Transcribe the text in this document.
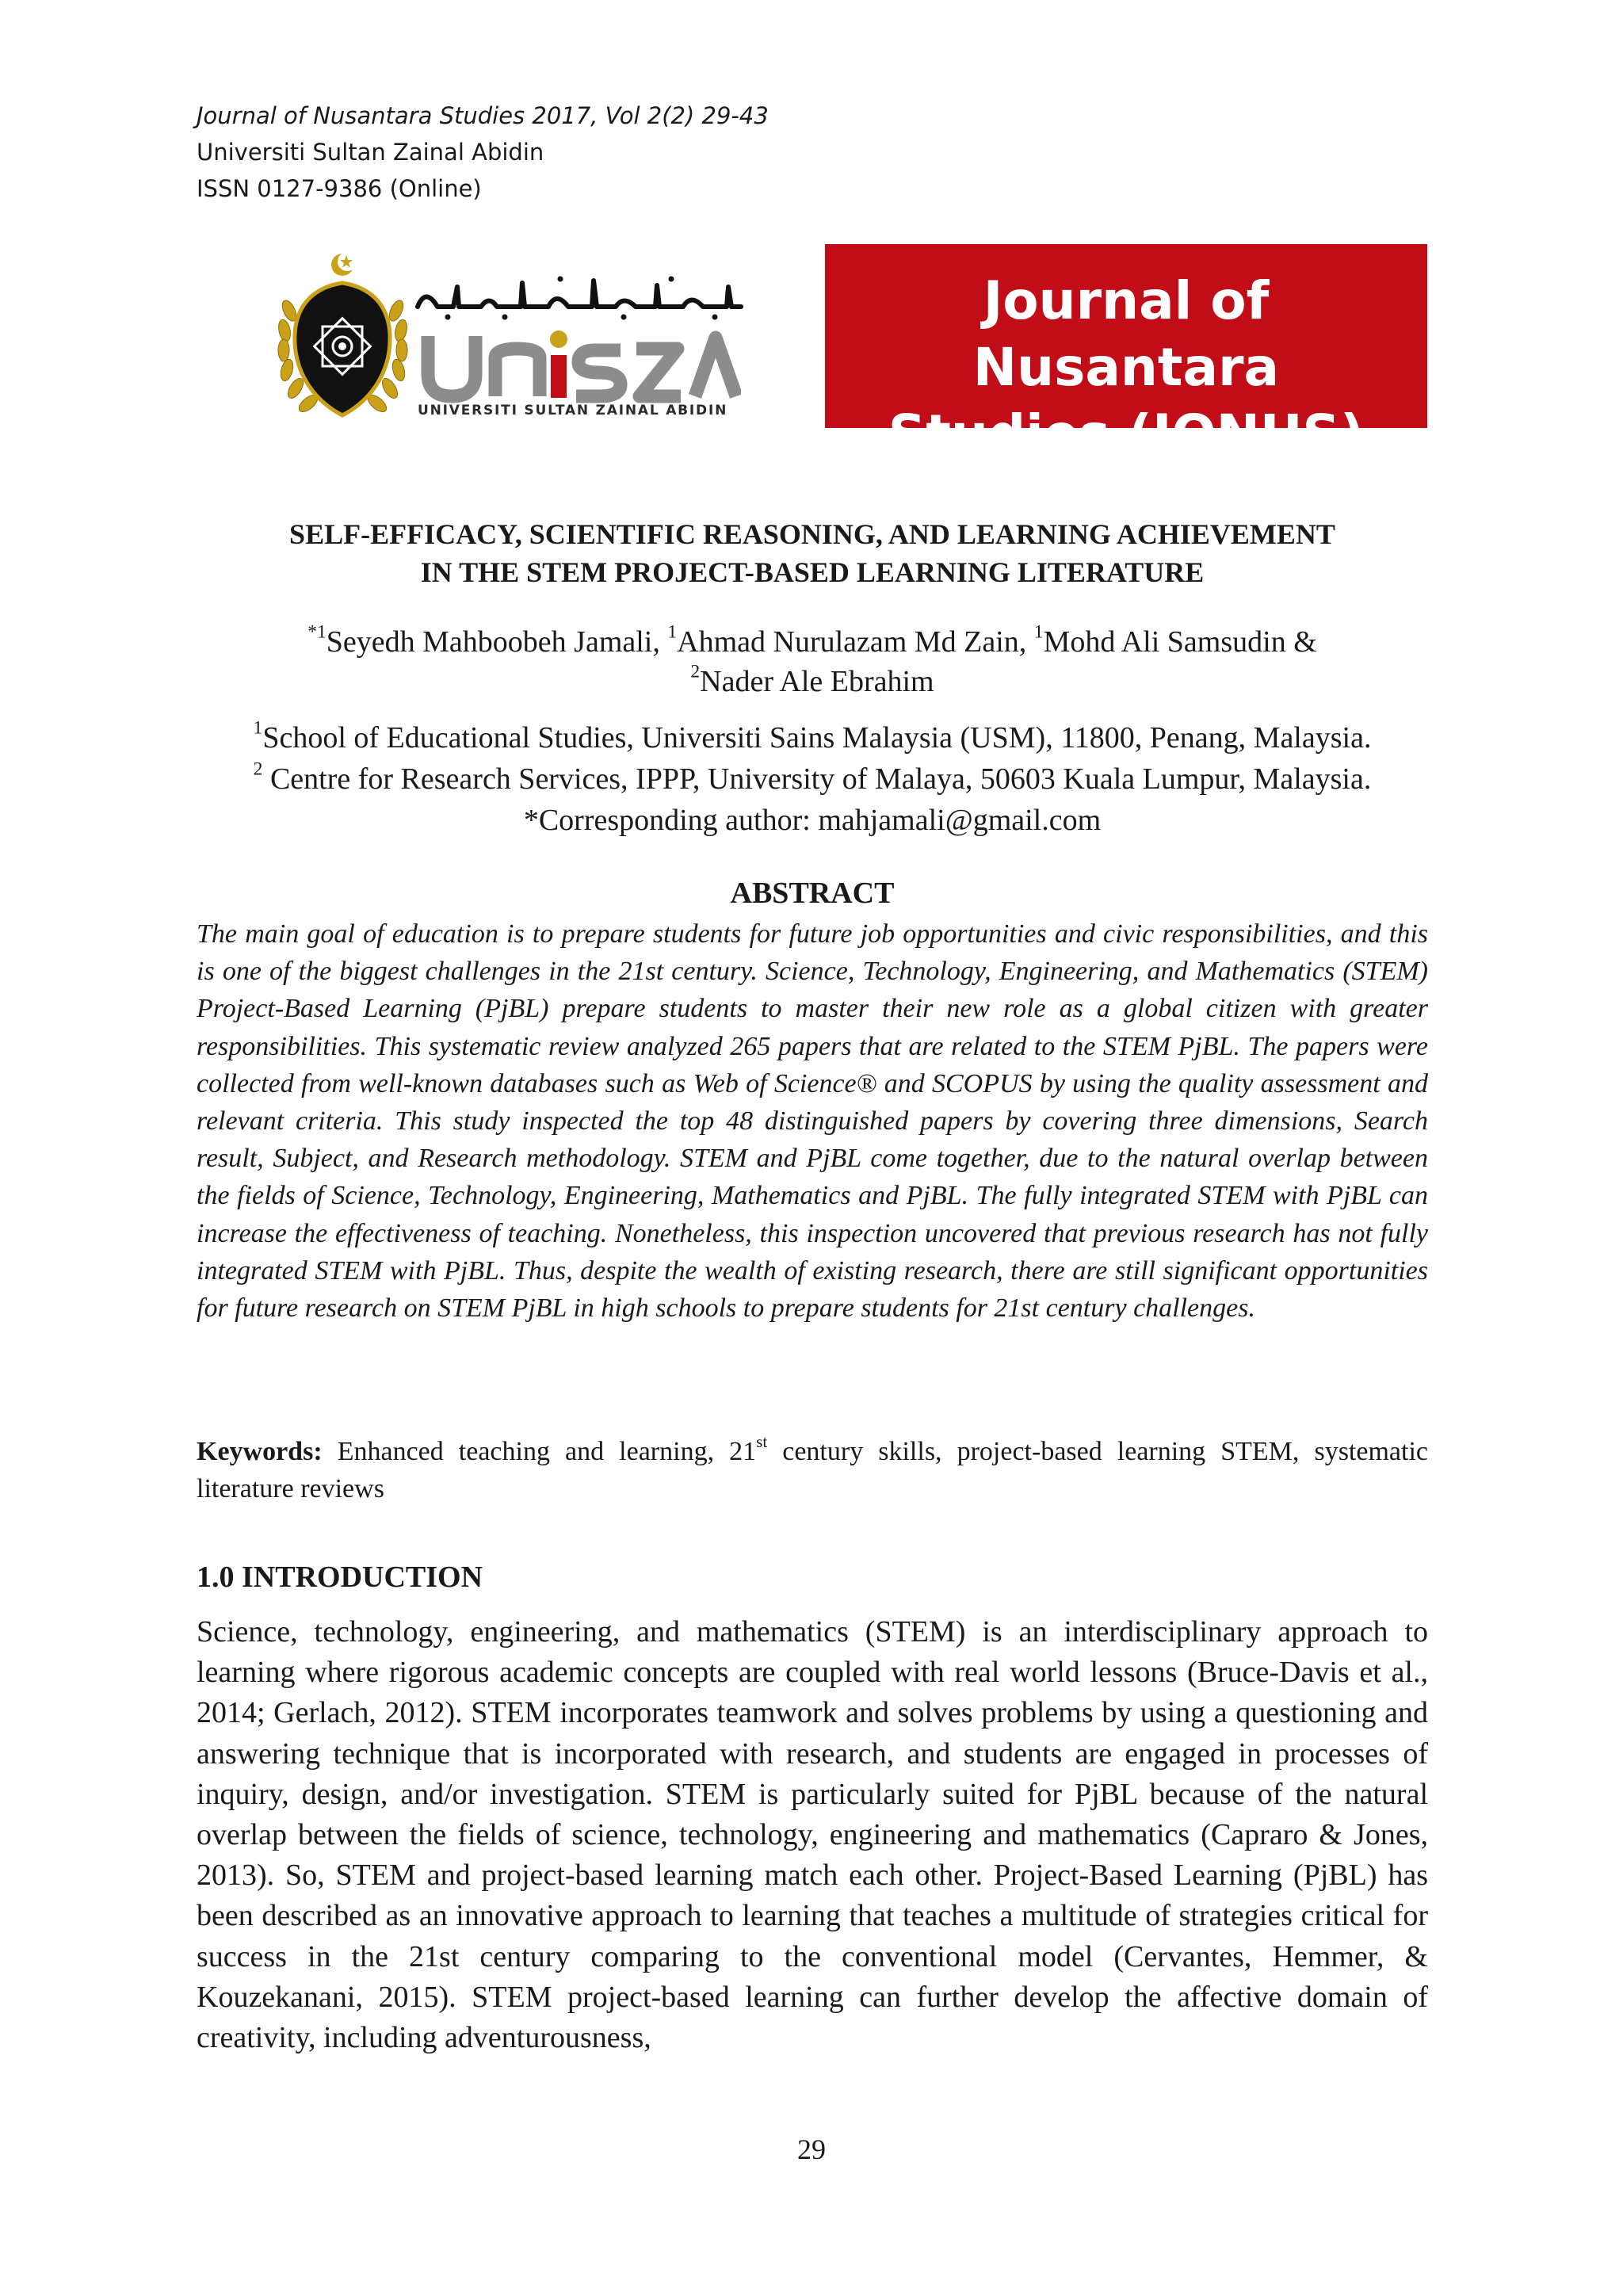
Journal of Nusantara Studies 2017, Vol 2(2) 29-43
Universiti Sultan Zainal Abidin
ISSN 0127-9386 (Online)
UNIVERSITI SULTAN ZAINAL ABIDIN
Journal of Nusantara
Studies (JONUS)
SELF-EFFICACY, SCIENTIFIC REASONING, AND LEARNING ACHIEVEMENT
IN THE STEM PROJECT-BASED LEARNING LITERATURE
$^{*1}$Seyedh Mahboobeh Jamali, $^1$Ahmad Nurulazam Md Zain, $^1$Mohd Ali Samsudin &
$^2$Nader Ale Ebrahim
$^1$School of Educational Studies, Universiti Sains Malaysia (USM), 11800, Penang, Malaysia.
$^2$ Centre for Research Services, IPPP, University of Malaya, 50603 Kuala Lumpur, Malaysia.
*Corresponding author: mahjamali@gmail.com
ABSTRACT
The main goal of education is to prepare students for future job opportunities and civic responsibilities, and this is one of the biggest challenges in the 21st century. Science, Technology, Engineering, and Mathematics (STEM) Project-Based Learning (PjBL) prepare students to master their new role as a global citizen with greater responsibilities. This systematic review analyzed 265 papers that are related to the STEM PjBL. The papers were collected from well-known databases such as Web of Science® and SCOPUS by using the quality assessment and relevant criteria. This study inspected the top 48 distinguished papers by covering three dimensions, Search result, Subject, and Research methodology. STEM and PjBL come together, due to the natural overlap between the fields of Science, Technology, Engineering, Mathematics and PjBL. The fully integrated STEM with PjBL can increase the effectiveness of teaching. Nonetheless, this inspection uncovered that previous research has not fully integrated STEM with PjBL. Thus, despite the wealth of existing research, there are still significant opportunities for future research on STEM PjBL in high schools to prepare students for 21st century challenges.
Keywords: Enhanced teaching and learning, 21st century skills, project-based learning STEM, systematic literature reviews
1.0 INTRODUCTION
Science, technology, engineering, and mathematics (STEM) is an interdisciplinary approach to learning where rigorous academic concepts are coupled with real world lessons (Bruce-Davis et al., 2014; Gerlach, 2012). STEM incorporates teamwork and solves problems by using a questioning and answering technique that is incorporated with research, and students are engaged in processes of inquiry, design, and/or investigation. STEM is particularly suited for PjBL because of the natural overlap between the fields of science, technology, engineering and mathematics (Capraro & Jones, 2013). So, STEM and project-based learning match each other. Project-Based Learning (PjBL) has been described as an innovative approach to learning that teaches a multitude of strategies critical for success in the 21st century comparing to the conventional model (Cervantes, Hemmer, & Kouzekanani, 2015). STEM project-based learning can further develop the affective domain of creativity, including adventurousness,
29
